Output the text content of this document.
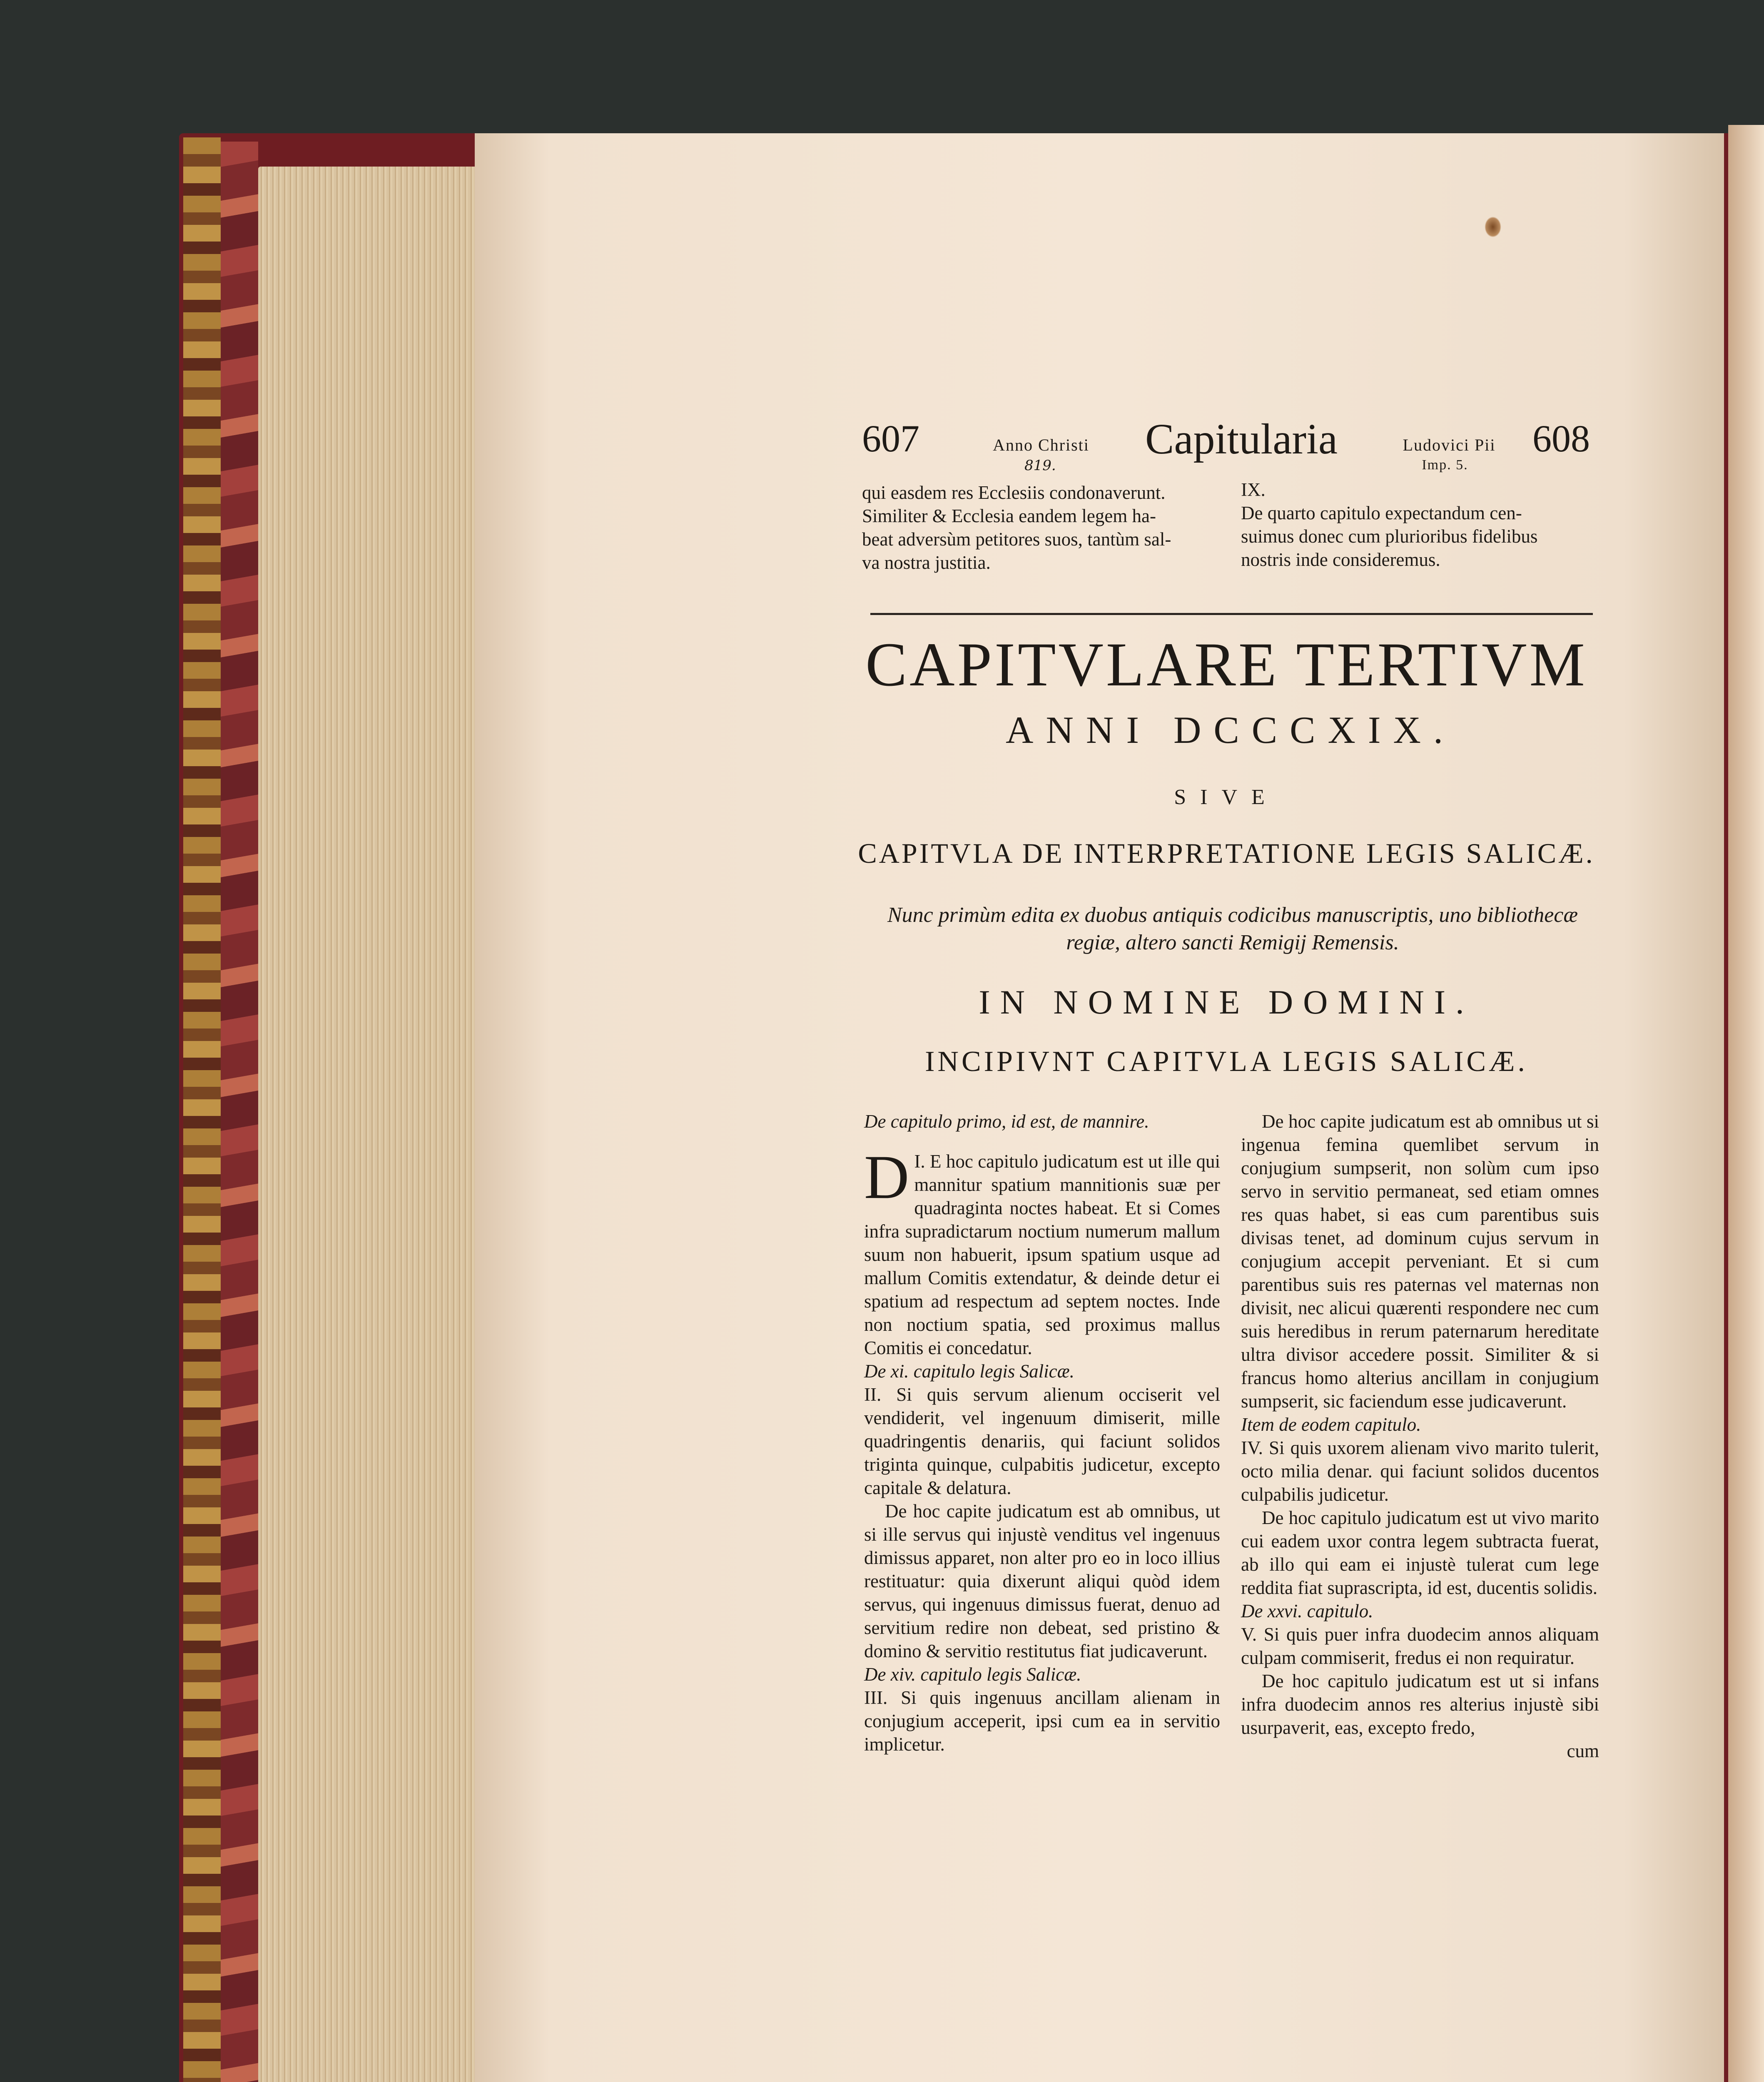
607	Anno Christi
819.
Capitularia	Ludovici Pii
Imp. 5.
608

qui easdem res Ecclesiis condonaverunt.

Similiter & Ecclesia eandem legem ha-

beat adversùm petitores suos, tantùm sal-

va nostra justitia.

IX.

De quarto capitulo expectandum cen-

suimus donec cum plurioribus fidelibus

nostris inde consideremus.

CAPITVLARE TERTIVM
ANNI DCCCXIX.
SIVE
CAPITVLA DE INTERPRETATIONE LEGIS SALICÆ.
Nunc primùm edita ex duobus antiquis codicibus manuscriptis, uno bibliothecæ regiæ, altero sancti Remigij Remensis.
IN NOMINE DOMINI.
INCIPIVNT CAPITVLA LEGIS SALICÆ.

De capitulo primo, id est, de mannire.

I.
D E hoc capitulo judicatum est ut ille qui mannitur spatium mannitionis suæ per quadraginta noctes habeat. Et si Comes infra supradictarum noctium numerum mallum suum non habuerit, ipsum spatium usque ad mallum Comitis extendatur, & deinde detur ei spatium ad respectum ad septem noctes. Inde non noctium spatia, sed proximus mallus Comitis ei concedatur.

De xi. capitulo legis Salicæ.

II. Si quis servum alienum occiserit vel vendiderit, vel ingenuum dimiserit, mille quadringentis denariis, qui faciunt solidos triginta quinque, culpabitis judicetur, excepto capitale & delatura.

De hoc capite judicatum est ab omnibus, ut si ille servus qui injustè venditus vel ingenuus dimissus apparet, non alter pro eo in loco illius restituatur: quia dixerunt aliqui quòd idem servus, qui ingenuus dimissus fuerat, denuo ad servitium redire non debeat, sed pristino & domino & servitio restitutus fiat judicaverunt.

De xiv. capitulo legis Salicæ.

III. Si quis ingenuus ancillam alienam in conjugium acceperit, ipsi cum ea in servitio implicetur.

De hoc capite judicatum est ab omnibus ut si ingenua femina quemlibet servum in conjugium sumpserit, non solùm cum ipso servo in servitio permaneat, sed etiam omnes res quas habet, si eas cum parentibus suis divisas tenet, ad dominum cujus servum in conjugium accepit perveniant. Et si cum parentibus suis res paternas vel maternas non divisit, nec alicui quærenti respondere nec cum suis heredibus in rerum paternarum hereditate ultra divisor accedere possit. Similiter & si francus homo alterius ancillam in conjugium sumpserit, sic faciendum esse judicaverunt.

Item de eodem capitulo.

IV. Si quis uxorem alienam vivo marito tulerit, octo milia denar. qui faciunt solidos ducentos culpabilis judicetur.

De hoc capitulo judicatum est ut vivo marito cui eadem uxor contra legem subtracta fuerat, ab illo qui eam ei injustè tulerat cum lege reddita fiat suprascripta, id est, ducentis solidis.

De xxvi. capitulo.

V. Si quis puer infra duodecim annos aliquam culpam commiserit, fredus ei non requiratur.

De hoc capitulo judicatum est ut si infans infra duodecim annos res alterius injustè sibi usurpaverit, eas, excepto fredo,

cum
